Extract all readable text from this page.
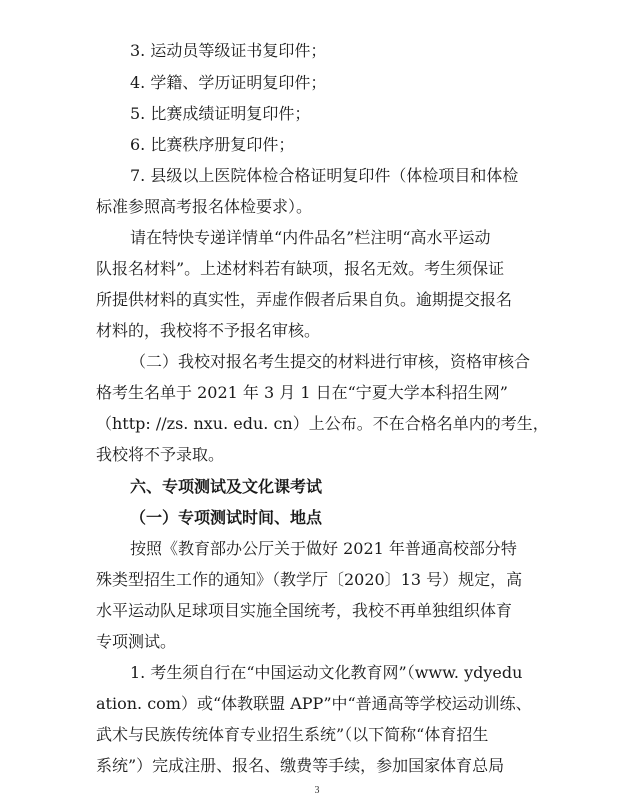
3. 运动员等级证书复印件；
4. 学籍、学历证明复印件；
5. 比赛成绩证明复印件；
6. 比赛秩序册复印件；
7. 县级以上医院体检合格证明复印件（体检项目和体检
标准参照高考报名体检要求）。
请在特快专递详情单“内件品名”栏注明“高水平运动
队报名材料”。上述材料若有缺项，报名无效。考生须保证
所提供材料的真实性，弄虚作假者后果自负。逾期提交报名
材料的，我校将不予报名审核。
（二）我校对报名考生提交的材料进行审核，资格审核合
格考生名单于 2021 年 3 月 1 日在“宁夏大学本科招生网”
（http: //zs. nxu. edu. cn）上公布。不在合格名单内的考生，
我校将不予录取。
六、专项测试及文化课考试
（一）专项测试时间、地点
按照《教育部办公厅关于做好 2021 年普通高校部分特
殊类型招生工作的通知》（教学厅〔2020〕13 号）规定，高
水平运动队足球项目实施全国统考，我校不再单独组织体育
专项测试。
1. 考生须自行在“中国运动文化教育网”（www. ydyedu
ation. com）或“体教联盟 APP”中“普通高等学校运动训练、
武术与民族传统体育专业招生系统”（以下简称“体育招生
系统”）完成注册、报名、缴费等手续，参加国家体育总局
3
